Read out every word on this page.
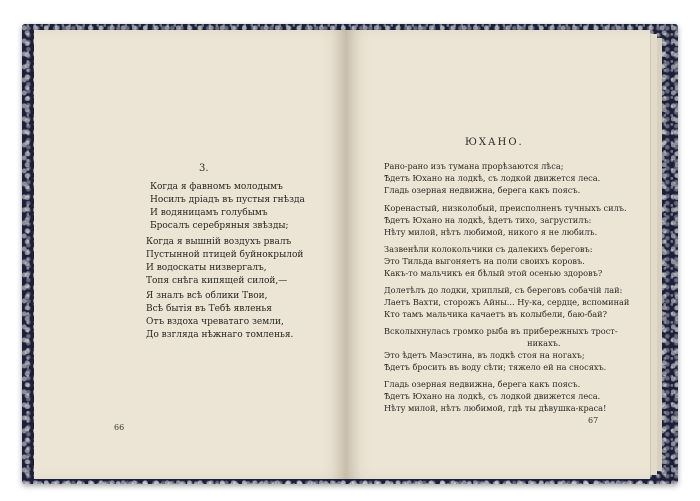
3.
Когда я фавномъ молодымъ
Носилъ дріадъ въ пустыя гнѣзда
И водяницамъ голубымъ
Бросалъ серебряныя звѣзды;
Когда я вышній воздухъ рвалъ
Пустынной птицей буйнокрылой
И водоскаты низвергалъ,
Топя снѣга кипящей силой,—
Я зналъ всѣ облики Твои,
Всѣ бытія въ Тебѣ явленья
Отъ вздоха чреватаго земли,
До взгляда нѣжнаго томленья.
66
ЮХАНО.
Рано-рано изъ тумана прорѣзаются лѣса;
Ѣдетъ Юхано на лодкѣ, съ лодкой движется леса.
Гладь озерная недвижна, берега какъ поясъ.
Коренастый, низколобый, преисполненъ тучныхъ силъ.
Ѣдетъ Юхано на лодкѣ, ѣдетъ тихо, загрустилъ:
Нѣту милой, нѣтъ любимой, никого я не любилъ.
Зазвенѣли колокольчики съ далекихъ береговъ:
Это Тильда выгоняетъ на поли своихъ коровъ.
Какъ-то мальчикъ ея бѣлый этой осенью здоровъ?
Долетѣлъ до лодки, хриплый, съ береговъ собачій лай:
Лаетъ Вахти, сторожъ Айны... Ну-ка, сердце, вспоминай
Кто тамъ мальчика качаетъ въ колыбели, баю-бай?
Всколыхнулась громко рыба въ прибережныхъ трост-
никахъ.
Это ѣдетъ Маэстина, въ лодкѣ стоя на ногахъ;
Ѣдетъ бросить въ воду сѣти; тяжело ей на сносяхъ.
Гладь озерная недвижна, берега какъ поясъ.
Ѣдетъ Юхано на лодкѣ, съ лодкой движется леса.
Нѣту милой, нѣтъ любимой, гдѣ ты дѣвушка-краса!
67
